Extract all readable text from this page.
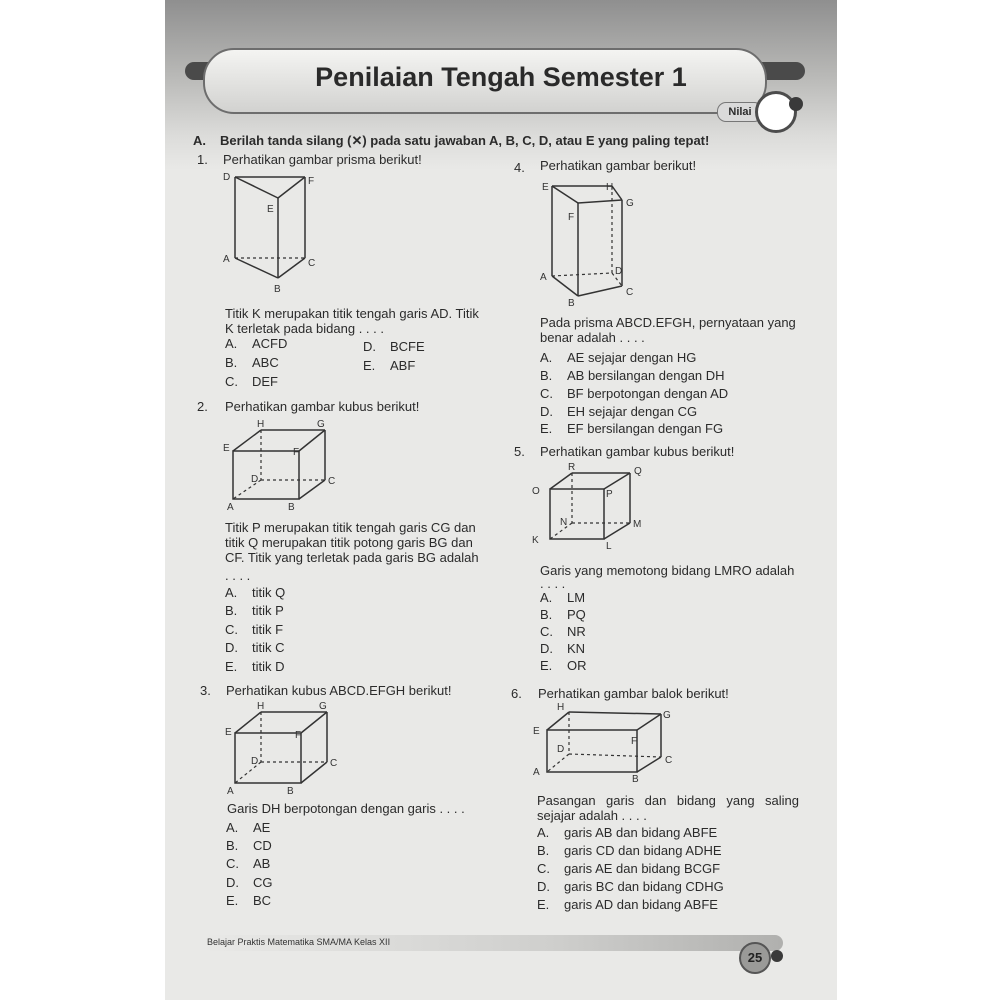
Penilaian Tengah Semester 1
Nilai
A. Berilah tanda silang (✕) pada satu jawaban A, B, C, D, atau E yang paling tepat!
1. Perhatikan gambar prisma berikut!
D	F
E
A	C
B
Titik K merupakan titik tengah garis AD. Titik K terletak pada bidang . . . .
A. ACFD
B. ABC
C. DEF
D. BCFE
E. ABF
2. Perhatikan gambar kubus berikut!
H	G
E	F
D	C
A	B
Titik P merupakan titik tengah garis CG dan titik Q merupakan titik potong garis BG dan CF. Titik yang terletak pada garis BG adalah
. . . .
A. titik Q
B. titik P
C. titik F
D. titik C
E. titik D
3. Perhatikan kubus ABCD.EFGH berikut!
H	G
E	F
D	C
A	B
Garis DH berpotongan dengan garis . . . .
A. AE
B. CD
C. AB
D. CG
E. BC
4. Perhatikan gambar berikut!
E	H
G
F
A
D
B
C
Pada prisma ABCD.EFGH, pernyataan yang benar adalah . . . .
A. AE sejajar dengan HG
B. AB bersilangan dengan DH
C. BF berpotongan dengan AD
D. EH sejajar dengan CG
E. EF bersilangan dengan FG
5. Perhatikan gambar kubus berikut!
R	Q
O	P
N	M
K
L
Garis yang memotong bidang LMRO adalah
. . . .
A. LM
B. PQ
C. NR
D. KN
E. OR
6. Perhatikan gambar balok berikut!
H
G
E
F
D
C
A
B
Pasangan garis dan bidang yang saling sejajar adalah . . . .
A. garis AB dan bidang ABFE
B. garis CD dan bidang ADHE
C. garis AE dan bidang BCGF
D. garis BC dan bidang CDHG
E. garis AD dan bidang ABFE
Belajar Praktis Matematika SMA/MA Kelas XII
25
